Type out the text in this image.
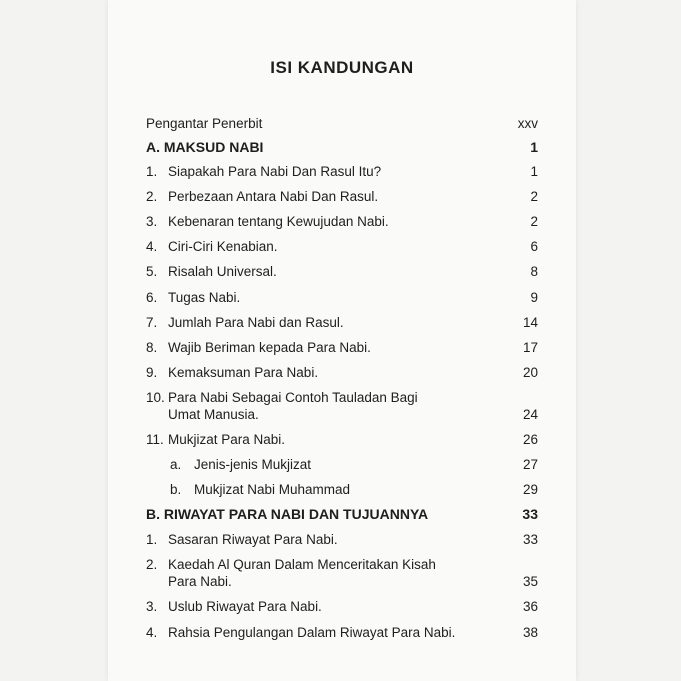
ISI KANDUNGAN
Pengantar Penerbit	xxv
A. MAKSUD NABI	1
1. Siapakah Para Nabi Dan Rasul Itu?	1
2. Perbezaan Antara Nabi Dan Rasul.	2
3. Kebenaran tentang Kewujudan Nabi.	2
4. Ciri-Ciri Kenabian.	6
5. Risalah Universal.	8
6. Tugas Nabi.	9
7. Jumlah Para Nabi dan Rasul.	14
8. Wajib Beriman kepada Para Nabi.	17
9. Kemaksuman Para Nabi.	20
10. Para Nabi Sebagai Contoh Tauladan Bagi
Umat Manusia.	24
11. Mukjizat Para Nabi.	26
a. Jenis-jenis Mukjizat	27
b. Mukjizat Nabi Muhammad	29
B. RIWAYAT PARA NABI DAN TUJUANNYA	33
1. Sasaran Riwayat Para Nabi.	33
2. Kaedah Al Quran Dalam Menceritakan Kisah
Para Nabi.	35
3. Uslub Riwayat Para Nabi.	36
4. Rahsia Pengulangan Dalam Riwayat Para Nabi.	38
